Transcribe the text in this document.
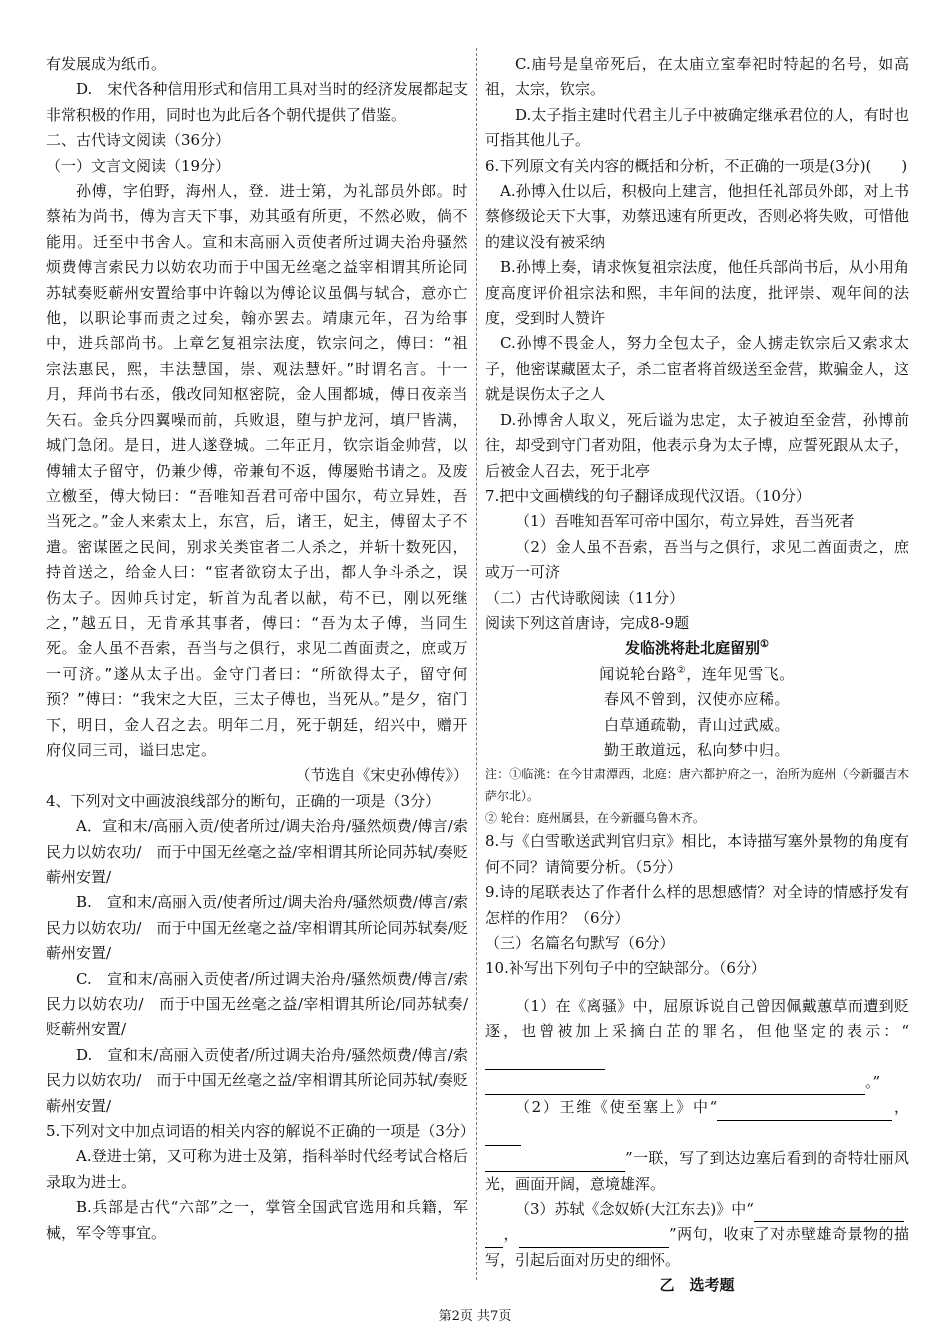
有发展成为纸币。

D.　宋代各种信用形式和信用工具对当时的经济发展都起支非常积极的作用，同时也为此后各个朝代提供了借鉴。

二、古代诗文阅读（36分）

（一）文言文阅读（19分）

孙傅，字伯野，海州人，登．进士第，为礼部员外郎。时蔡祐为尚书，傅为言天下事，劝其亟有所更，不然必败，倘不能用。迁至中书舍人。宣和末高丽入贡使者所过调夫治舟骚然烦费傅言索民力以妨农功而于中国无丝毫之益宰相谓其所论同苏轼奏贬蕲州安置给事中许翰以为傅论议虽偶与轼合，意亦亡他，以职论事而责之过矣，翰亦罢去。靖康元年，召为给事中，进兵部尚书。上章乞复祖宗法度，钦宗问之，傅曰：“祖宗法惠民，熙，丰法慧国，崇、观法慧奸。”时谓名言。十一月，拜尚书右丞，俄改同知枢密院，金人围都城，傅日夜亲当矢石。金兵分四翼噪而前，兵败退，堕与护龙河，填尸皆满，城门急闭。是日，进人遂登城。二年正月，钦宗诣金帅营，以傅辅太子留守，仍兼少傅，帝兼旬不返，傅屡贻书请之。及废立檄至，傅大恸曰：“吾唯知吾君可帝中国尔，苟立异姓，吾当死之。”金人来索太上，东宫，后，诸王，妃主，傅留太子不遣。密谋匿之民间，别求关类宦者二人杀之，并斩十数死囚，持首送之，给金人曰：“宦者欲窃太子出，都人争斗杀之，误伤太子。因帅兵讨定，斩首为乱者以献，苟不已，刚以死继之，”越五日，无肯承其事者，傅曰：“吾为太子傅，当同生死。金人虽不吾索，吾当与之俱行，求见二酋面责之，庶或万一可济。”遂从太子出。金守门者曰：“所欲得太子，留守何预？”傅曰：“我宋之大臣，三太子傅也，当死从。”是夕，宿门下，明日，金人召之去。明年二月，死于朝廷，绍兴中，赠开府仪同三司，谥曰忠定。

（节选自《宋史孙傅传》）

4、下列对文中画波浪线部分的断句，正确的一项是（3分）

A．宣和末/高丽入贡/使者所过/调夫治舟/骚然烦费/傅言/索民力以妨农功/　而于中国无丝毫之益/宰相谓其所论同苏轼/奏贬蕲州安置/

B.　宣和末/高丽入贡/使者所过/调夫治舟/骚然烦费/傅言/索民力以妨农功/　而于中国无丝毫之益/宰相谓其所论同苏轼奏/贬蕲州安置/

C.　宣和末/高丽入贡使者/所过调夫治舟/骚然烦费/傅言/索民力以妨农功/　而于中国无丝毫之益/宰相谓其所论/同苏轼奏/贬蕲州安置/

D.　宣和末/高丽入贡使者/所过调夫治舟/骚然烦费/傅言/索民力以妨农功/　而于中国无丝毫之益/宰相谓其所论同苏轼/奏贬蕲州安置/

5.下列对文中加点词语的相关内容的解说不正确的一项是（3分）

A.登进士第，又可称为进士及第，指科举时代经考试合格后录取为进士。

B.兵部是古代“六部”之一，掌管全国武官选用和兵籍，军械，军令等事宜。

C.庙号是皇帝死后，在太庙立室奉祀时特起的名号，如高祖，太宗，钦宗。

D.太子指主建时代君主儿子中被确定继承君位的人，有时也可指其他儿子。

6.下列原文有关内容的概括和分析，不正确的一项是(3分)(　　)

A.孙博入仕以后，积极向上建言，他担任礼部员外郎，对上书蔡修级论天下大事，劝蔡迅速有所更改，否则必将失败，可惜他的建议没有被采纳

B.孙博上奏，请求恢复祖宗法度，他任兵部尚书后，从小用角度高度评价祖宗法和熙，丰年间的法度，批评崇、观年间的法度，受到时人赞许

C.孙博不畏金人，努力全包太子，金人掳走钦宗后又索求太子，他密谋藏匿太子，杀二宦者将首级送至金营，欺骗金人，这就是误伤太子之人

D.孙博舍人取义，死后谥为忠定，太子被迫至金营，孙博前往，却受到守门者劝阻，他表示身为太子博，应誓死跟从太子，后被金人召去，死于北亭

7.把中文画横线的句子翻译成现代汉语。（10分）

（1）吾唯知吾军可帝中国尔，苟立异姓，吾当死者

（2）金人虽不吾索，吾当与之俱行，求见二酋面责之，庶或万一可济

（二）古代诗歌阅读（11分）

阅读下列这首唐诗，完成8-9题

发临洮将赴北庭留别①

闻说轮台路②，连年见雪飞。

春风不曾到，汉使亦应稀。

白草通疏勒，青山过武威。

勤王敢道远，私向梦中归。

注：①临洮：在今甘肃潭西，北庭：唐六都护府之一，治所为庭州（今新疆吉木萨尔北）。

② 轮台：庭州属县，在今新疆乌鲁木齐。

8.与《白雪歌送武判官归京》相比，本诗描写塞外景物的角度有何不同？请简要分析。（5分）

9.诗的尾联表达了作者什么样的思想感情？对全诗的情感抒发有怎样的作用？（6分）

（三）名篇名句默写（6分）

10.补写出下列句子中的空缺部分。（6分）

（1）在《离骚》中，屈原诉说自己曾因佩戴蕙草而遭到贬逐，也曾被加上采摘白芷的罪名，但他坚定的表示：“
。”

（2）王维《使至塞上》中“	，
”一联，写了到达边塞后看到的奇特壮丽风光，画面开阔，意境雄浑。

（3）苏轼《念奴娇(大江东去)》中“
，	”两句，收束了对赤壁雄奇景物的描写，引起后面对历史的细怀。

乙　选考题

第2页 共7页
